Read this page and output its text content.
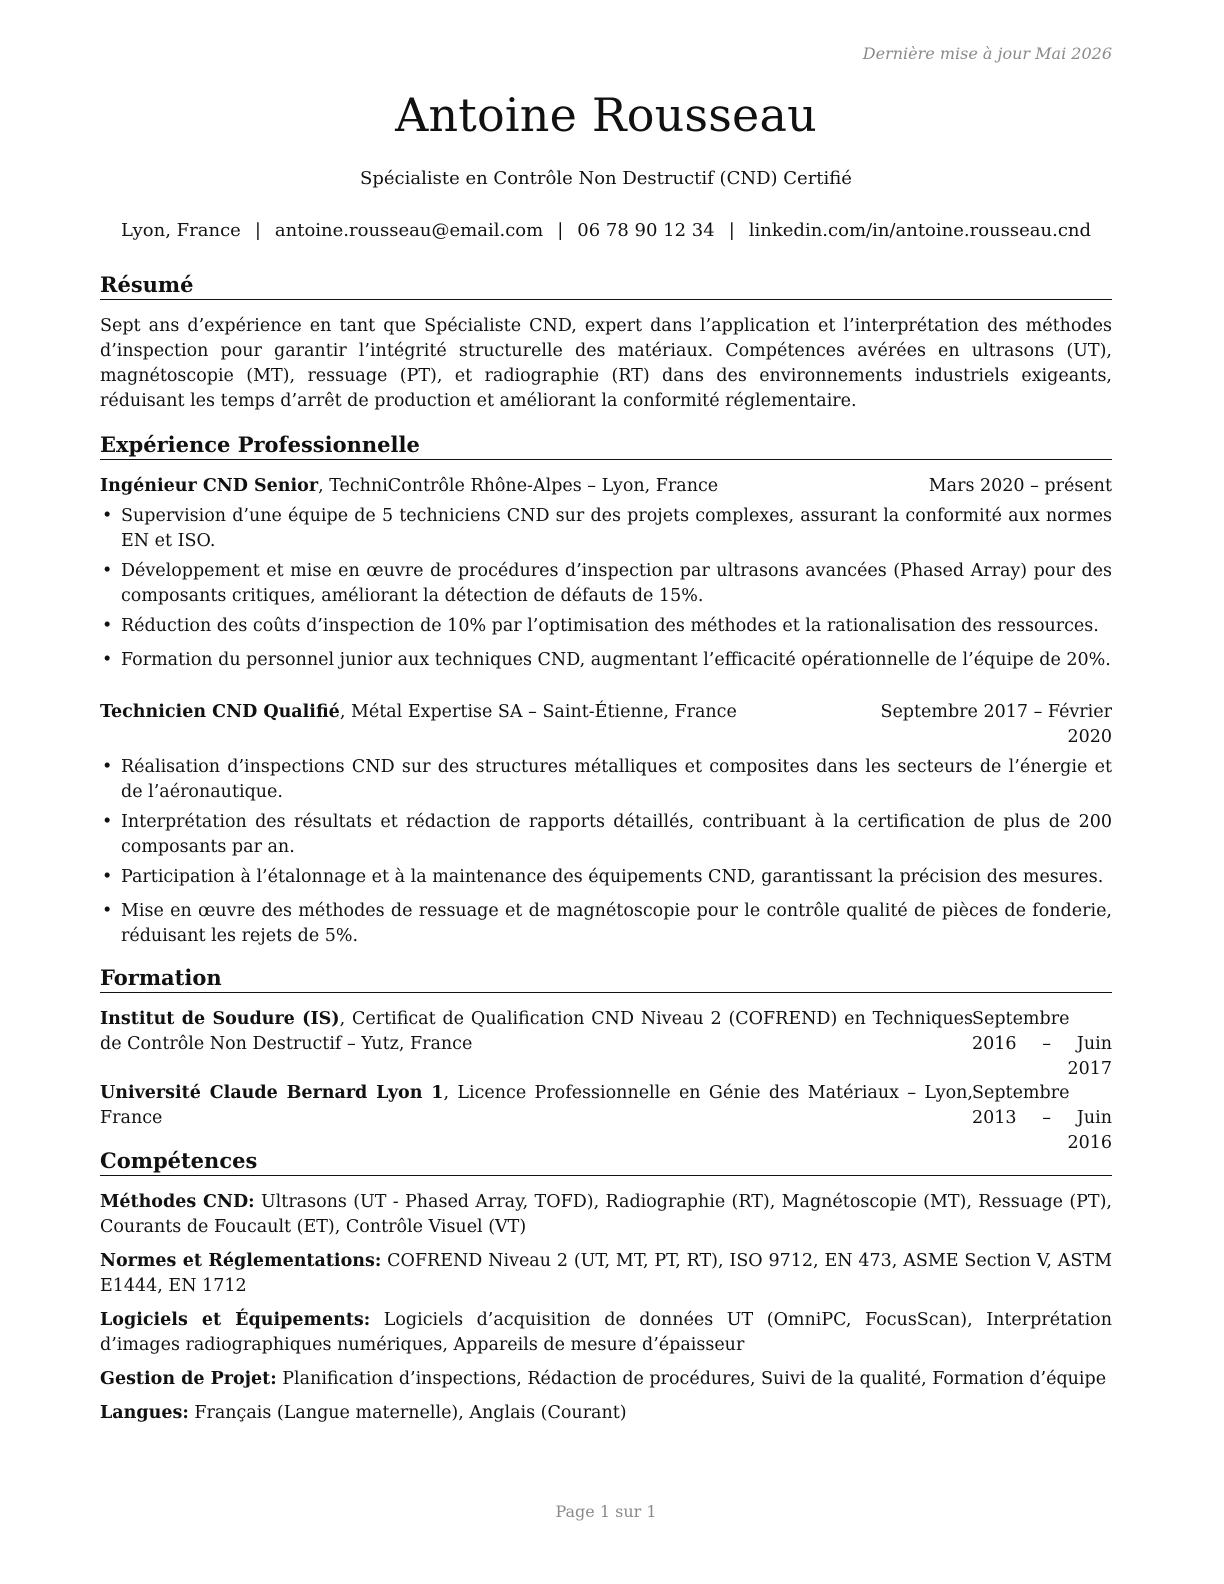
Dernière mise à jour Mai 2026
Antoine Rousseau
Spécialiste en Contrôle Non Destructif (CND) Certifié
Lyon, France | antoine.rousseau@email.com | 06 78 90 12 34 | linkedin.com/in/antoine.rousseau.cnd
Résumé
Sept ans d’expérience en tant que Spécialiste CND, expert dans l’application et l’interprétation des méthodes d’inspection pour garantir l’intégrité structurelle des matériaux. Compétences avérées en ultrasons (UT), magnétoscopie (MT), ressuage (PT), et radiographie (RT) dans des environnements industriels exigeants, réduisant les temps d’arrêt de production et améliorant la conformité réglementaire.
Expérience Professionnelle
Ingénieur CND Senior, TechniContrôle Rhône-Alpes – Lyon, France	Mars 2020 – présent
• Supervision d’une équipe de 5 techniciens CND sur des projets complexes, assurant la conformité aux normes EN et ISO.
• Développement et mise en œuvre de procédures d’inspection par ultrasons avancées (Phased Array) pour des composants critiques, améliorant la détection de défauts de 15%.
• Réduction des coûts d’inspection de 10% par l’optimisation des méthodes et la rationalisation des ressources.
• Formation du personnel junior aux techniques CND, augmentant l’efficacité opérationnelle de l’équipe de 20%.
Technicien CND Qualifié, Métal Expertise SA – Saint-Étienne, France	Septembre 2017 – Février
2020
• Réalisation d’inspections CND sur des structures métalliques et composites dans les secteurs de l’énergie et de l’aéronautique.
• Interprétation des résultats et rédaction de rapports détaillés, contribuant à la certification de plus de 200 composants par an.
• Participation à l’étalonnage et à la maintenance des équipements CND, garantissant la précision des mesures.
• Mise en œuvre des méthodes de ressuage et de magnétoscopie pour le contrôle qualité de pièces de fonderie, réduisant les rejets de 5%.
Formation
Institut de Soudure (IS), Certificat de Qualification CND Niveau 2 (COFREND) en Techniques de Contrôle Non Destructif – Yutz, France
Septembre 2016 – Juin 2017
Université Claude Bernard Lyon 1, Licence Professionnelle en Génie des Matériaux – Lyon, France
Septembre 2013 – Juin 2016
Compétences
Méthodes CND: Ultrasons (UT - Phased Array, TOFD), Radiographie (RT), Magnétoscopie (MT), Ressuage (PT), Courants de Foucault (ET), Contrôle Visuel (VT)
Normes et Réglementations: COFREND Niveau 2 (UT, MT, PT, RT), ISO 9712, EN 473, ASME Section V, ASTM E1444, EN 1712
Logiciels et Équipements: Logiciels d’acquisition de données UT (OmniPC, FocusScan), Interprétation d’images radiographiques numériques, Appareils de mesure d’épaisseur
Gestion de Projet: Planification d’inspections, Rédaction de procédures, Suivi de la qualité, Formation d’équipe
Langues: Français (Langue maternelle), Anglais (Courant)
Page 1 sur 1
